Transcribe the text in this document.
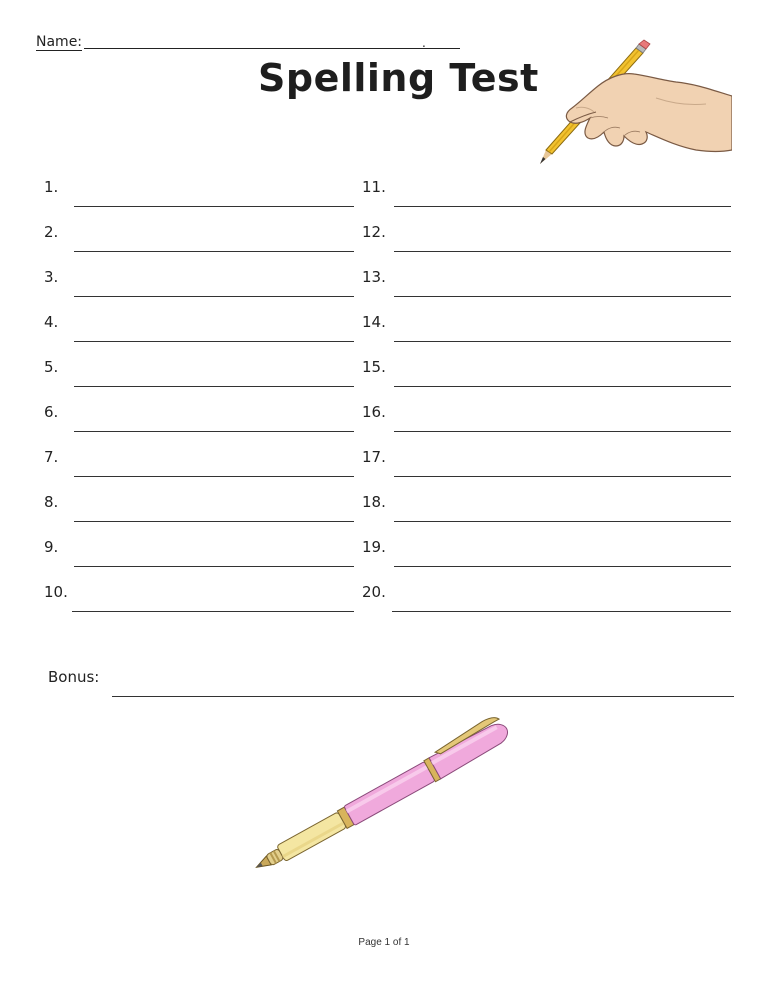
Name:	.
Spelling Test
1.
2.
3.
4.
5.
6.
7.
8.
9.
10.
11.
12.
13.
14.
15.
16.
17.
18.
19.
20.
Bonus:
Page 1 of 1
